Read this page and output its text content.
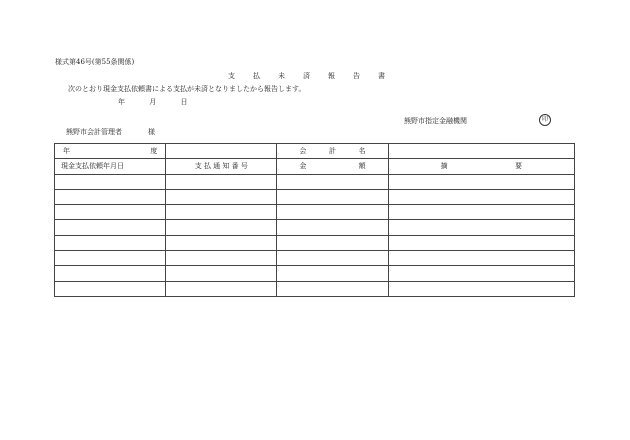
様式第46号(第55条関係)
支	払	未	済	報	告	書
次のとおり現金支払依頼書による支払が未済となりましたから報告します。
年	月	日
熊野市指定金融機関	印
熊野市会計管理者	様
年 度		会 計 名	

現金支払依頼年月日	支 払 通 知 番 号	金 額	摘 要
